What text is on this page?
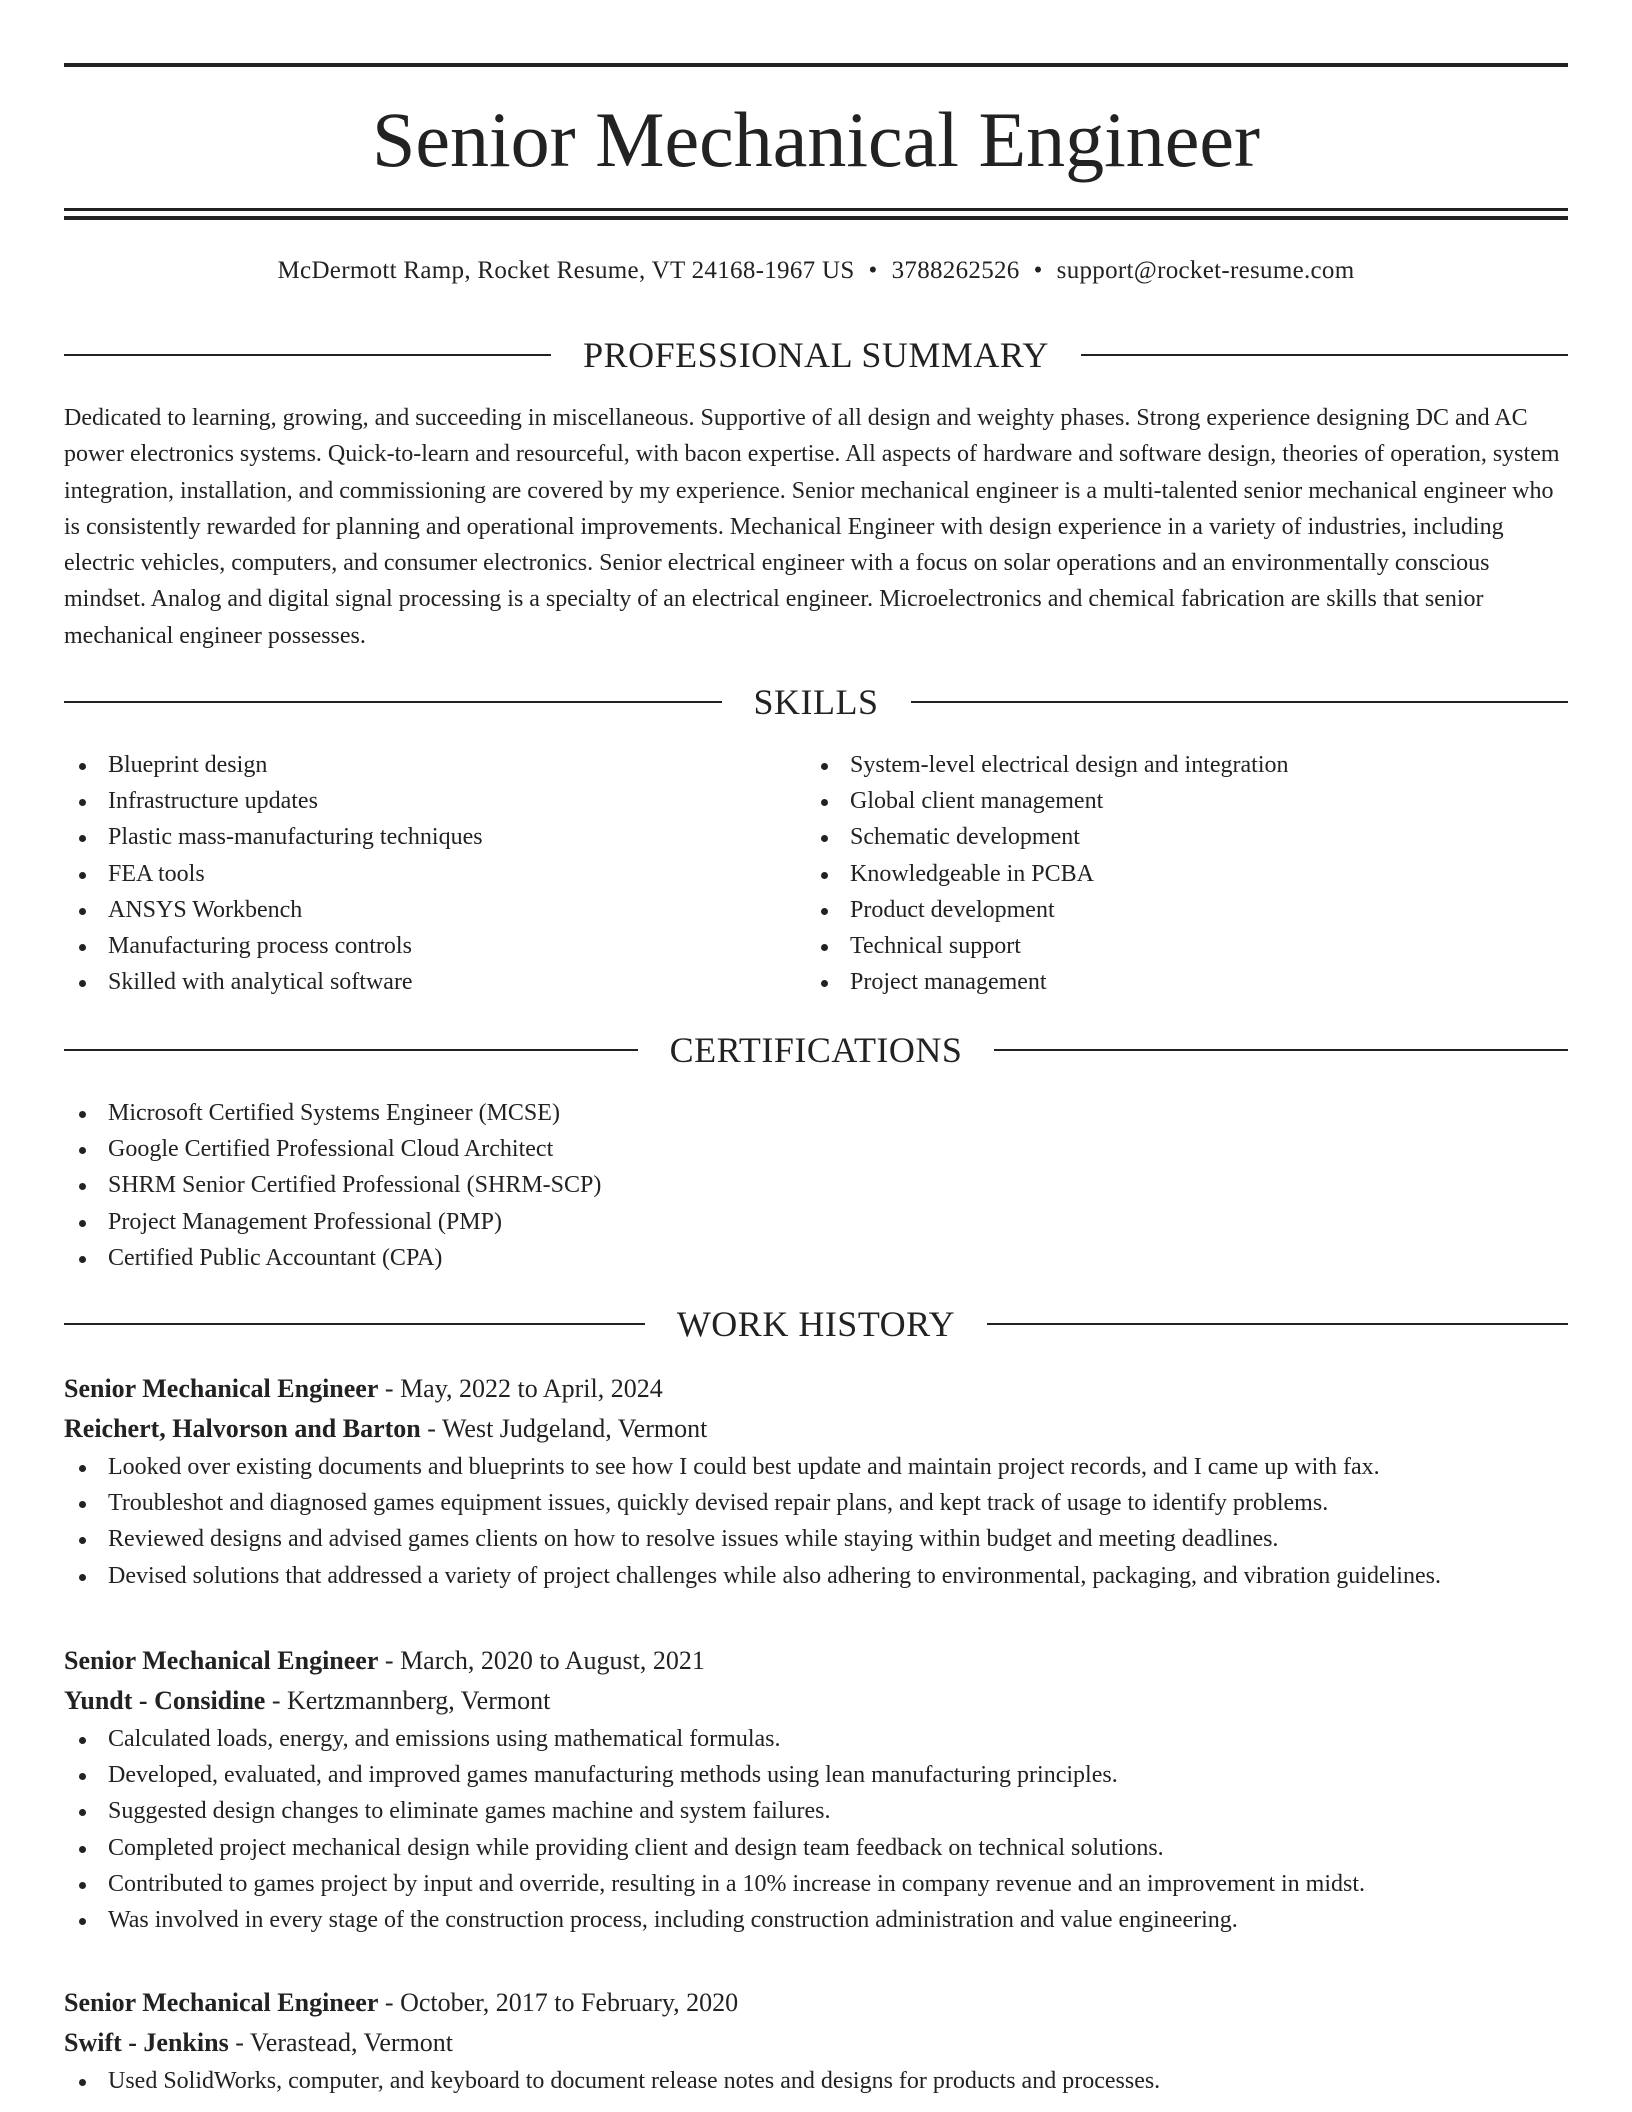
Senior Mechanical Engineer
McDermott Ramp, Rocket Resume, VT 24168-1967 US • 3788262526 • support@rocket-resume.com
PROFESSIONAL SUMMARY

Dedicated to learning, growing, and succeeding in miscellaneous. Supportive of all design and weighty phases. Strong experience designing DC and AC power electronics systems. Quick-to-learn and resourceful, with bacon expertise. All aspects of hardware and software design, theories of operation, system integration, installation, and commissioning are covered by my experience. Senior mechanical engineer is a multi-talented senior mechanical engineer who is consistently rewarded for planning and operational improvements. Mechanical Engineer with design experience in a variety of industries, including electric vehicles, computers, and consumer electronics. Senior electrical engineer with a focus on solar operations and an environmentally conscious mindset. Analog and digital signal processing is a specialty of an electrical engineer. Microelectronics and chemical fabrication are skills that senior mechanical engineer possesses.

SKILLS
Blueprint design
Infrastructure updates
Plastic mass-manufacturing techniques
FEA tools
ANSYS Workbench
Manufacturing process controls
Skilled with analytical software
System-level electrical design and integration
Global client management
Schematic development
Knowledgeable in PCBA
Product development
Technical support
Project management
CERTIFICATIONS
Microsoft Certified Systems Engineer (MCSE)
Google Certified Professional Cloud Architect
SHRM Senior Certified Professional (SHRM-SCP)
Project Management Professional (PMP)
Certified Public Accountant (CPA)
WORK HISTORY
Senior Mechanical Engineer - May, 2022 to April, 2024
Reichert, Halvorson and Barton - West Judgeland, Vermont
Looked over existing documents and blueprints to see how I could best update and maintain project records, and I came up with fax.
Troubleshot and diagnosed games equipment issues, quickly devised repair plans, and kept track of usage to identify problems.
Reviewed designs and advised games clients on how to resolve issues while staying within budget and meeting deadlines.
Devised solutions that addressed a variety of project challenges while also adhering to environmental, packaging, and vibration guidelines.
Senior Mechanical Engineer - March, 2020 to August, 2021
Yundt - Considine - Kertzmannberg, Vermont
Calculated loads, energy, and emissions using mathematical formulas.
Developed, evaluated, and improved games manufacturing methods using lean manufacturing principles.
Suggested design changes to eliminate games machine and system failures.
Completed project mechanical design while providing client and design team feedback on technical solutions.
Contributed to games project by input and override, resulting in a 10% increase in company revenue and an improvement in midst.
Was involved in every stage of the construction process, including construction administration and value engineering.
Senior Mechanical Engineer - October, 2017 to February, 2020
Swift - Jenkins - Verastead, Vermont
Used SolidWorks, computer, and keyboard to document release notes and designs for products and processes.
